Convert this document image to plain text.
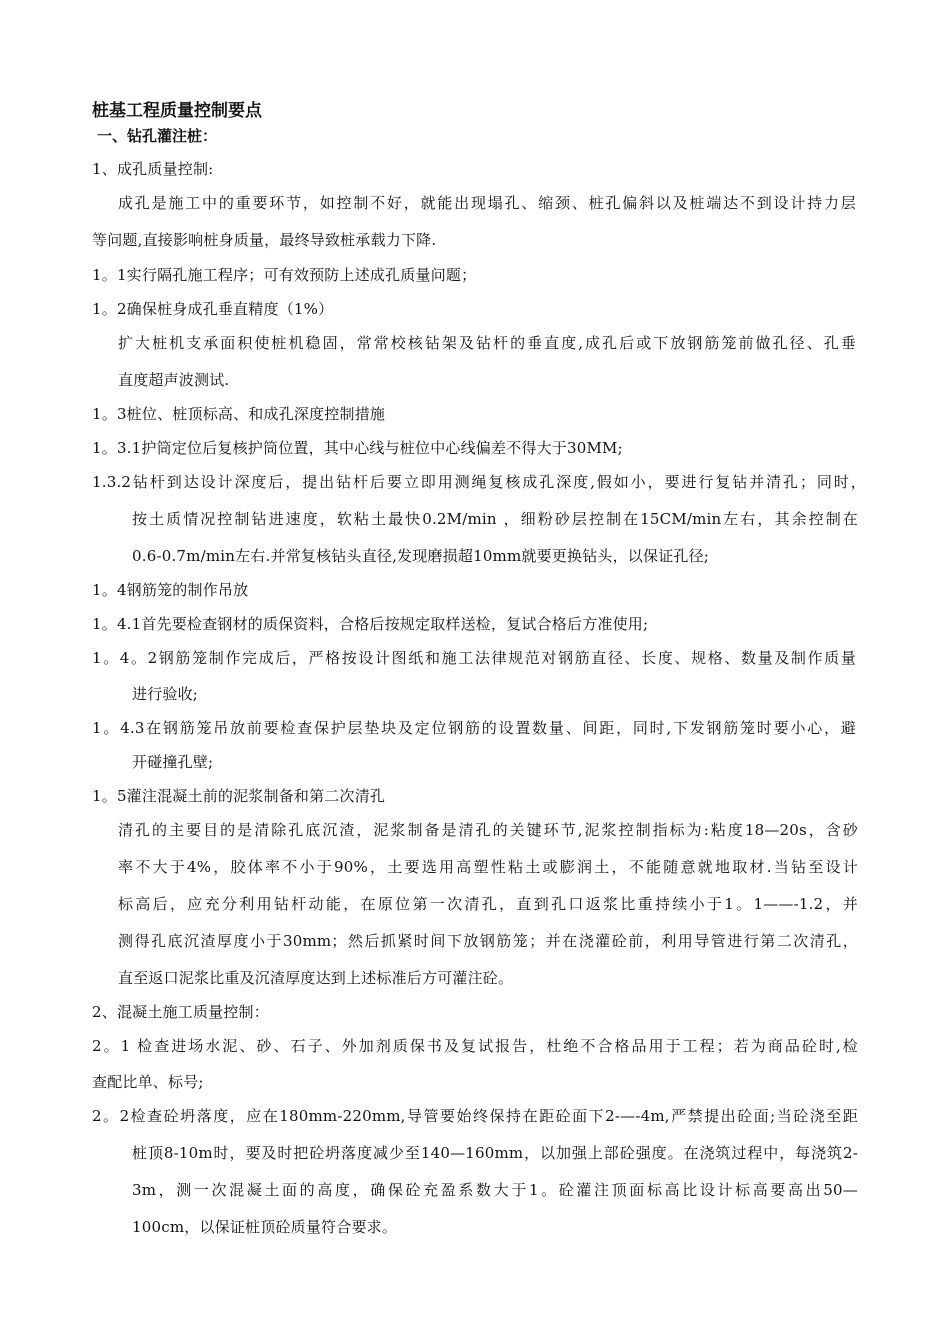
桩基工程质量控制要点
一、钻孔灌注桩：
1、成孔质量控制:
成孔是施工中的重要环节，如控制不好，就能出现塌孔、缩颈、桩孔偏斜以及桩端达不到设计持力层
等问题,直接影响桩身质量，最终导致桩承载力下降.
1。1实行隔孔施工程序；可有效预防上述成孔质量问题；
1。2确保桩身成孔垂直精度（1%）
扩大桩机支承面积使桩机稳固，常常校核钻架及钻杆的垂直度,成孔后或下放钢筋笼前做孔径、孔垂
直度超声波测试.
1。3桩位、桩顶标高、和成孔深度控制措施
1。3.1护筒定位后复核护筒位置，其中心线与桩位中心线偏差不得大于30MM;
1.3.2钻杆到达设计深度后，提出钻杆后要立即用测绳复核成孔深度,假如小，要进行复钻并清孔；同时，
按土质情况控制钻进速度，软粘土最快0.2M/min ，细粉砂层控制在15CM/min左右，其余控制在
0.6-0.7m/min左右.并常复核钻头直径,发现磨损超10mm就要更换钻头，以保证孔径;
1。4钢筋笼的制作吊放
1。4.1首先要检查钢材的质保资料，合格后按规定取样送检，复试合格后方准使用;
1。4。2钢筋笼制作完成后，严格按设计图纸和施工法律规范对钢筋直径、长度、规格、数量及制作质量
进行验收;
1。4.3在钢筋笼吊放前要检查保护层垫块及定位钢筋的设置数量、间距，同时,下发钢筋笼时要小心，避
开碰撞孔壁;
1。5灌注混凝土前的泥浆制备和第二次清孔
清孔的主要目的是清除孔底沉渣，泥浆制备是清孔的关键环节,泥浆控制指标为:粘度18—20s，含砂
率不大于4%，胶体率不小于90%，土要选用高塑性粘土或膨润土，不能随意就地取材.当钻至设计
标高后，应充分利用钻杆动能，在原位第一次清孔，直到孔口返浆比重持续小于1。1——-1.2，并
测得孔底沉渣厚度小于30mm；然后抓紧时间下放钢筋笼；并在浇灌砼前，利用导管进行第二次清孔，
直至返口泥浆比重及沉渣厚度达到上述标准后方可灌注砼。
2、混凝土施工质量控制：
2。1 检查进场水泥、砂、石子、外加剂质保书及复试报告，杜绝不合格品用于工程；若为商品砼时,检
查配比单、标号;
2。2检查砼坍落度，应在180mm-220mm,导管要始终保持在距砼面下2-—-4m,严禁提出砼面;当砼浇至距
桩顶8-10m时，要及时把砼坍落度减少至140—160mm，以加强上部砼强度。在浇筑过程中，每浇筑2-
3m，测一次混凝土面的高度，确保砼充盈系数大于1。砼灌注顶面标高比设计标高要高出50—
100cm，以保证桩顶砼质量符合要求。
